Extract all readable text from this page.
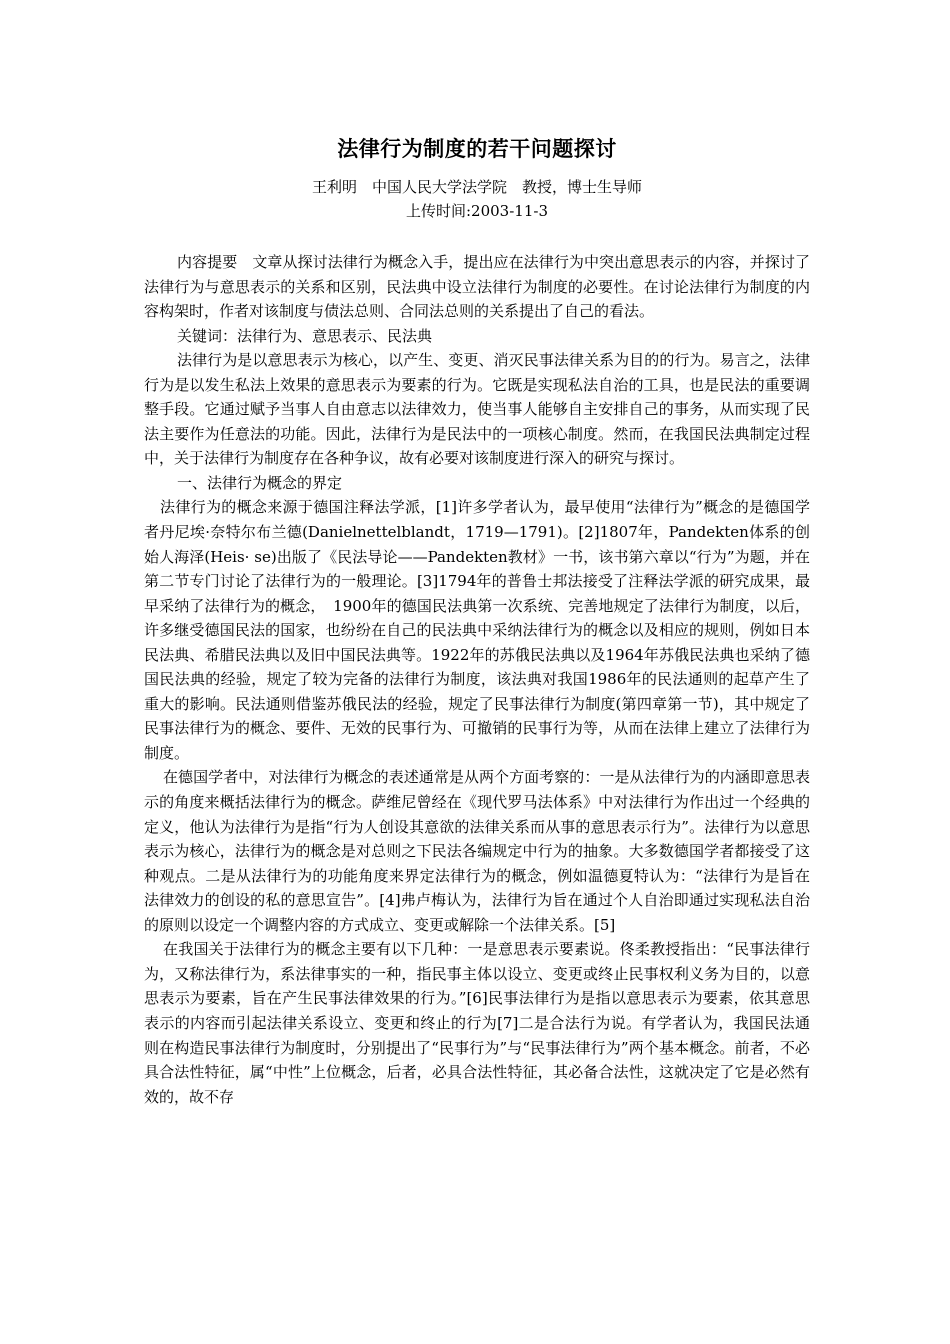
法律行为制度的若干问题探讨
王利明　中国人民大学法学院　教授，博士生导师
上传时间:2003-11-3

内容提要　文章从探讨法律行为概念入手，提出应在法律行为中突出意思表示的内容，并探讨了法律行为与意思表示的关系和区别，民法典中设立法律行为制度的必要性。在讨论法律行为制度的内容构架时，作者对该制度与债法总则、合同法总则的关系提出了自己的看法。

关键词：法律行为、意思表示、民法典

法律行为是以意思表示为核心，以产生、变更、消灭民事法律关系为目的的行为。易言之，法律行为是以发生私法上效果的意思表示为要素的行为。它既是实现私法自治的工具，也是民法的重要调整手段。它通过赋予当事人自由意志以法律效力，使当事人能够自主安排自己的事务，从而实现了民法主要作为任意法的功能。因此，法律行为是民法中的一项核心制度。然而，在我国民法典制定过程中，关于法律行为制度存在各种争议，故有必要对该制度进行深入的研究与探讨。

一、法律行为概念的界定

法律行为的概念来源于德国注释法学派，[1]许多学者认为，最早使用“法律行为”概念的是德国学者丹尼埃·奈特尔布兰德(Danielnettelblandt，1719—1791)。[2]1807年，Pandekten体系的创始人海泽(Heis· se)出版了《民法导论——Pandekten教材》一书，该书第六章以“行为”为题，并在第二节专门讨论了法律行为的一般理论。[3]1794年的普鲁士邦法接受了注释法学派的研究成果，最早采纳了法律行为的概念，　1900年的德国民法典第一次系统、完善地规定了法律行为制度，以后，许多继受德国民法的国家，也纷纷在自己的民法典中采纳法律行为的概念以及相应的规则，例如日本民法典、希腊民法典以及旧中国民法典等。1922年的苏俄民法典以及1964年苏俄民法典也采纳了德国民法典的经验，规定了较为完备的法律行为制度，该法典对我国1986年的民法通则的起草产生了重大的影响。民法通则借鉴苏俄民法的经验，规定了民事法律行为制度(第四章第一节)，其中规定了民事法律行为的概念、要件、无效的民事行为、可撤销的民事行为等，从而在法律上建立了法律行为制度。

在德国学者中，对法律行为概念的表述通常是从两个方面考察的：一是从法律行为的内涵即意思表示的角度来概括法律行为的概念。萨维尼曾经在《现代罗马法体系》中对法律行为作出过一个经典的定义，他认为法律行为是指“行为人创设其意欲的法律关系而从事的意思表示行为”。法律行为以意思表示为核心，法律行为的概念是对总则之下民法各编规定中行为的抽象。大多数德国学者都接受了这种观点。二是从法律行为的功能角度来界定法律行为的概念，例如温德夏特认为：“法律行为是旨在法律效力的创设的私的意思宣告”。[4]弗卢梅认为，法律行为旨在通过个人自治即通过实现私法自治的原则以设定一个调整内容的方式成立、变更或解除一个法律关系。[5]

在我国关于法律行为的概念主要有以下几种：一是意思表示要素说。佟柔教授指出：“民事法律行为，又称法律行为，系法律事实的一种，指民事主体以设立、变更或终止民事权利义务为目的，以意思表示为要素，旨在产生民事法律效果的行为。”[6]民事法律行为是指以意思表示为要素，依其意思表示的内容而引起法律关系设立、变更和终止的行为[7]二是合法行为说。有学者认为，我国民法通则在构造民事法律行为制度时，分别提出了“民事行为”与“民事法律行为”两个基本概念。前者，不必具合法性特征，属“中性”上位概念，后者，必具合法性特征，其必备合法性，这就决定了它是必然有效的，故不存
